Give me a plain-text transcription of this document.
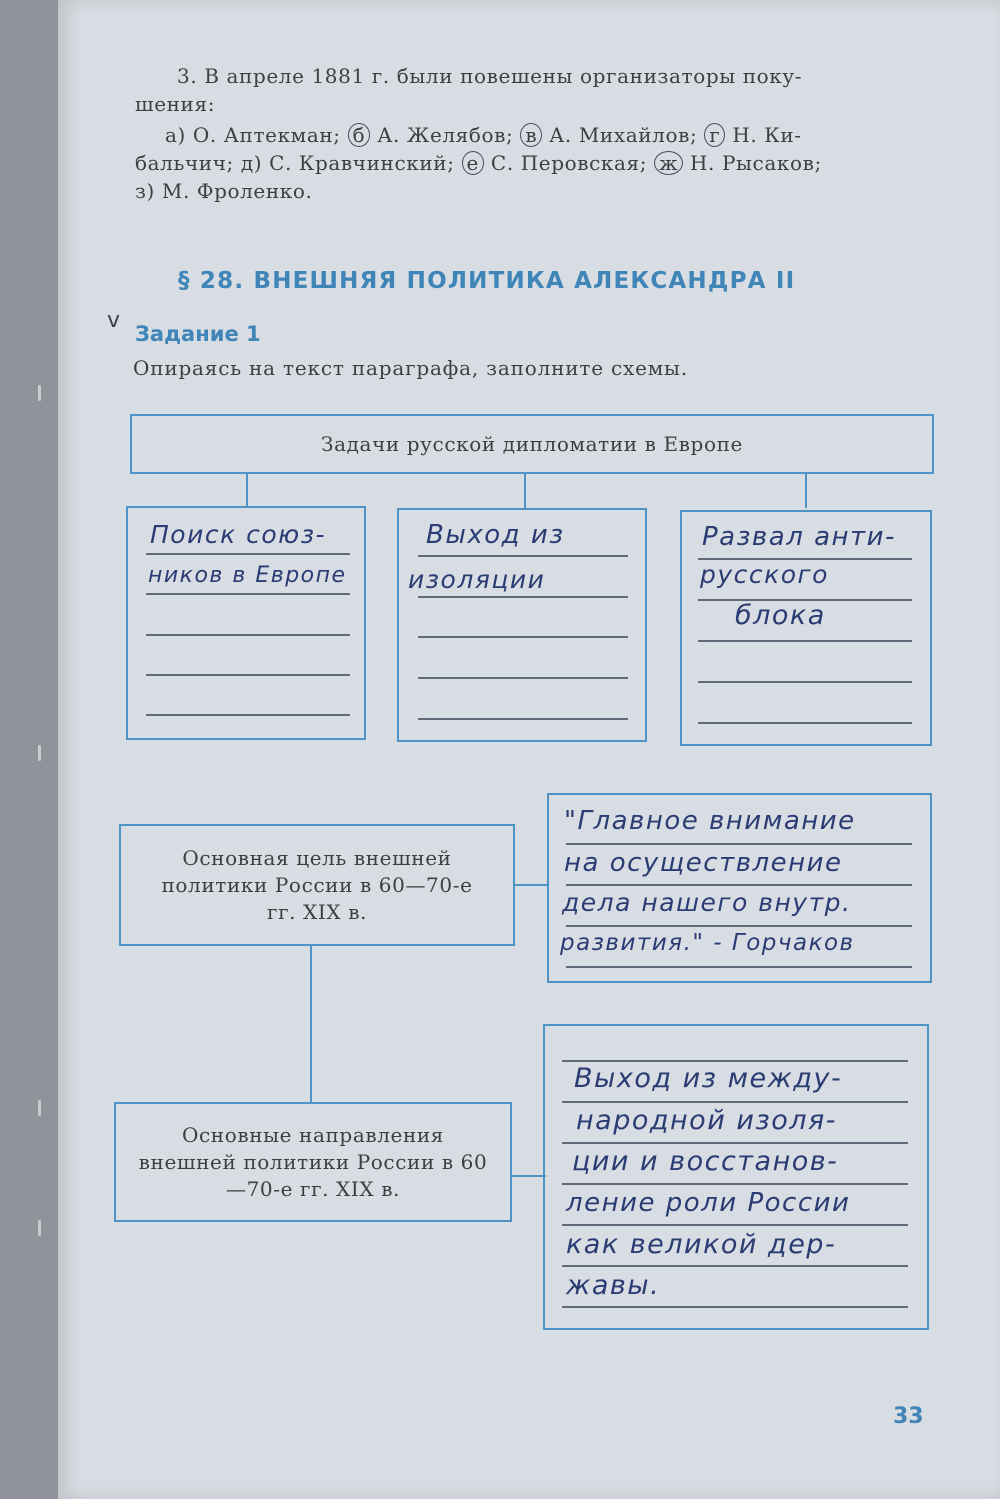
3. В апреле 1881 г. были повешены организаторы поку-

шения:

а) О. Аптекман; б А. Желябов; в А. Михайлов; г Н. Ки-

бальчич; д) С. Кравчинский; е С. Перовская; ж Н. Рысаков;

з) М. Фроленко.

§ 28. ВНЕШНЯЯ ПОЛИТИКА АЛЕКСАНДРА II
v
Задание 1
Опираясь на текст параграфа, заполните схемы.
Задачи русской дипломатии в Европе
Поиск союз-
ников в Европе
Выход из
изоляции
Развал анти-
русского
блока
Основная цель внешней политики России в 60—70-е гг. XIX в.
Основные направления внешней политики России в 60—70-е гг. XIX в.
"Главное внимание
на осуществление
дела нашего внутр.
развития." - Горчаков
Выход из между-
народной изоля-
ции и восстанов-
ление роли России
как великой дер-
жавы.
33
